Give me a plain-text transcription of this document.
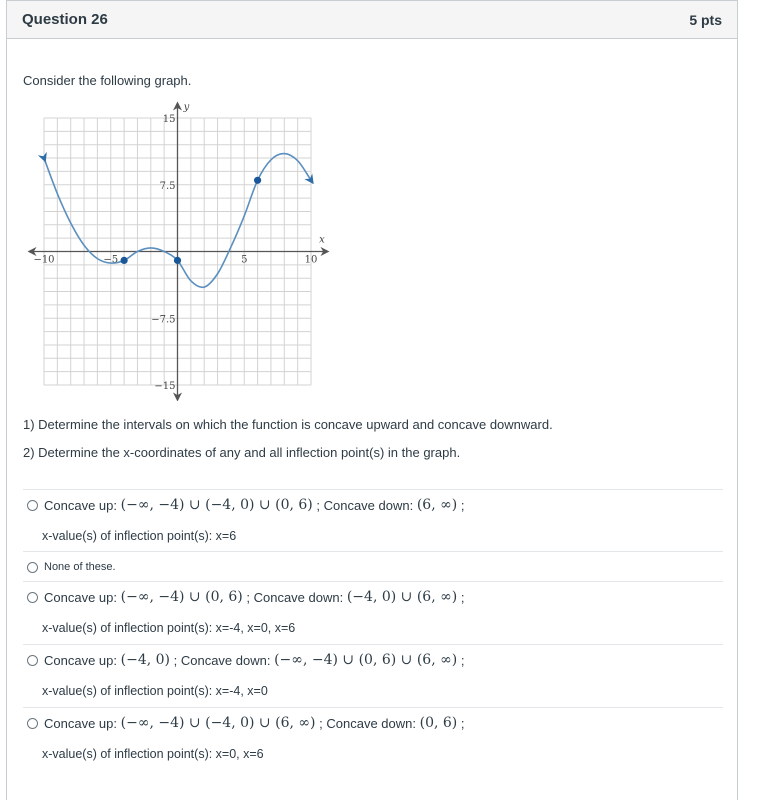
Question 26	5 pts
Consider the following graph.
y
x
15
7.5
−7.5
−15
−10	−5	5	10
1) Determine the intervals on which the function is concave upward and concave downward.
2) Determine the x-coordinates of any and all inflection point(s) in the graph.
Concave up:
(−∞, −4) ∪ (−4, 0) ∪ (0, 6)
; Concave down:
(6, ∞)
;
x-value(s) of inflection point(s): x=6
None of these.
Concave up:
(−∞, −4) ∪ (0, 6)
; Concave down:
(−4, 0) ∪ (6, ∞)
;
x-value(s) of inflection point(s): x=-4, x=0, x=6
Concave up:
(−4, 0)
; Concave down:
(−∞, −4) ∪ (0, 6) ∪ (6, ∞)
;
x-value(s) of inflection point(s): x=-4, x=0
Concave up:
(−∞, −4) ∪ (−4, 0) ∪ (6, ∞)
; Concave down:
(0, 6)
;
x-value(s) of inflection point(s): x=0, x=6
